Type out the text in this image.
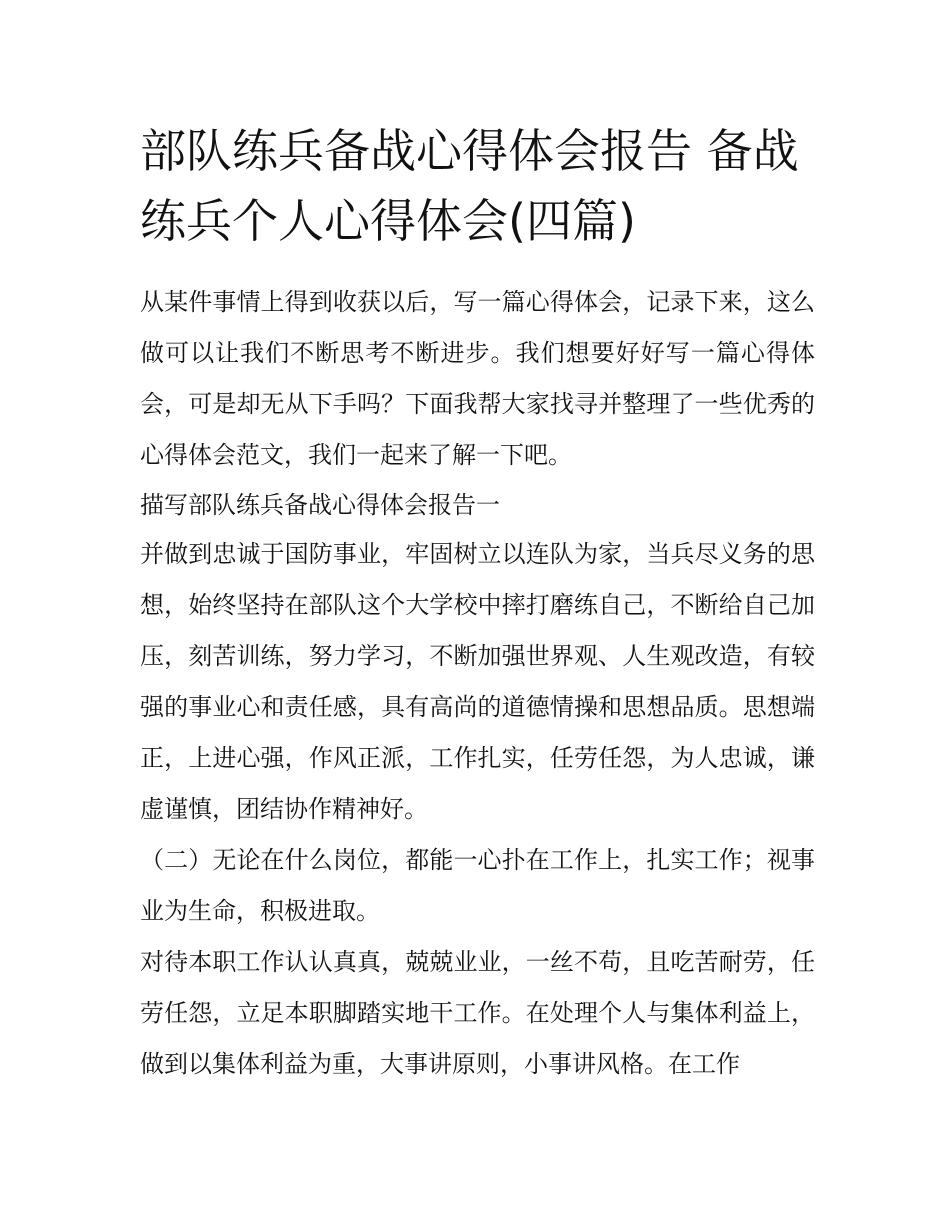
部队练兵备战心得体会报告 备战练兵个人心得体会(四篇)

从某件事情上得到收获以后，写一篇心得体会，记录下来，这么做可以让我们不断思考不断进步。我们想要好好写一篇心得体会，可是却无从下手吗？下面我帮大家找寻并整理了一些优秀的心得体会范文，我们一起来了解一下吧。

描写部队练兵备战心得体会报告一

并做到忠诚于国防事业，牢固树立以连队为家，当兵尽义务的思想，始终坚持在部队这个大学校中摔打磨练自己，不断给自己加压，刻苦训练，努力学习，不断加强世界观、人生观改造，有较强的事业心和责任感，具有高尚的道德情操和思想品质。思想端正，上进心强，作风正派，工作扎实，任劳任怨，为人忠诚，谦虚谨慎，团结协作精神好。

（二）无论在什么岗位，都能一心扑在工作上，扎实工作；视事业为生命，积极进取。

对待本职工作认认真真，兢兢业业，一丝不苟，且吃苦耐劳，任劳任怨，立足本职脚踏实地干工作。在处理个人与集体利益上，做到以集体利益为重，大事讲原则，小事讲风格。在工作
